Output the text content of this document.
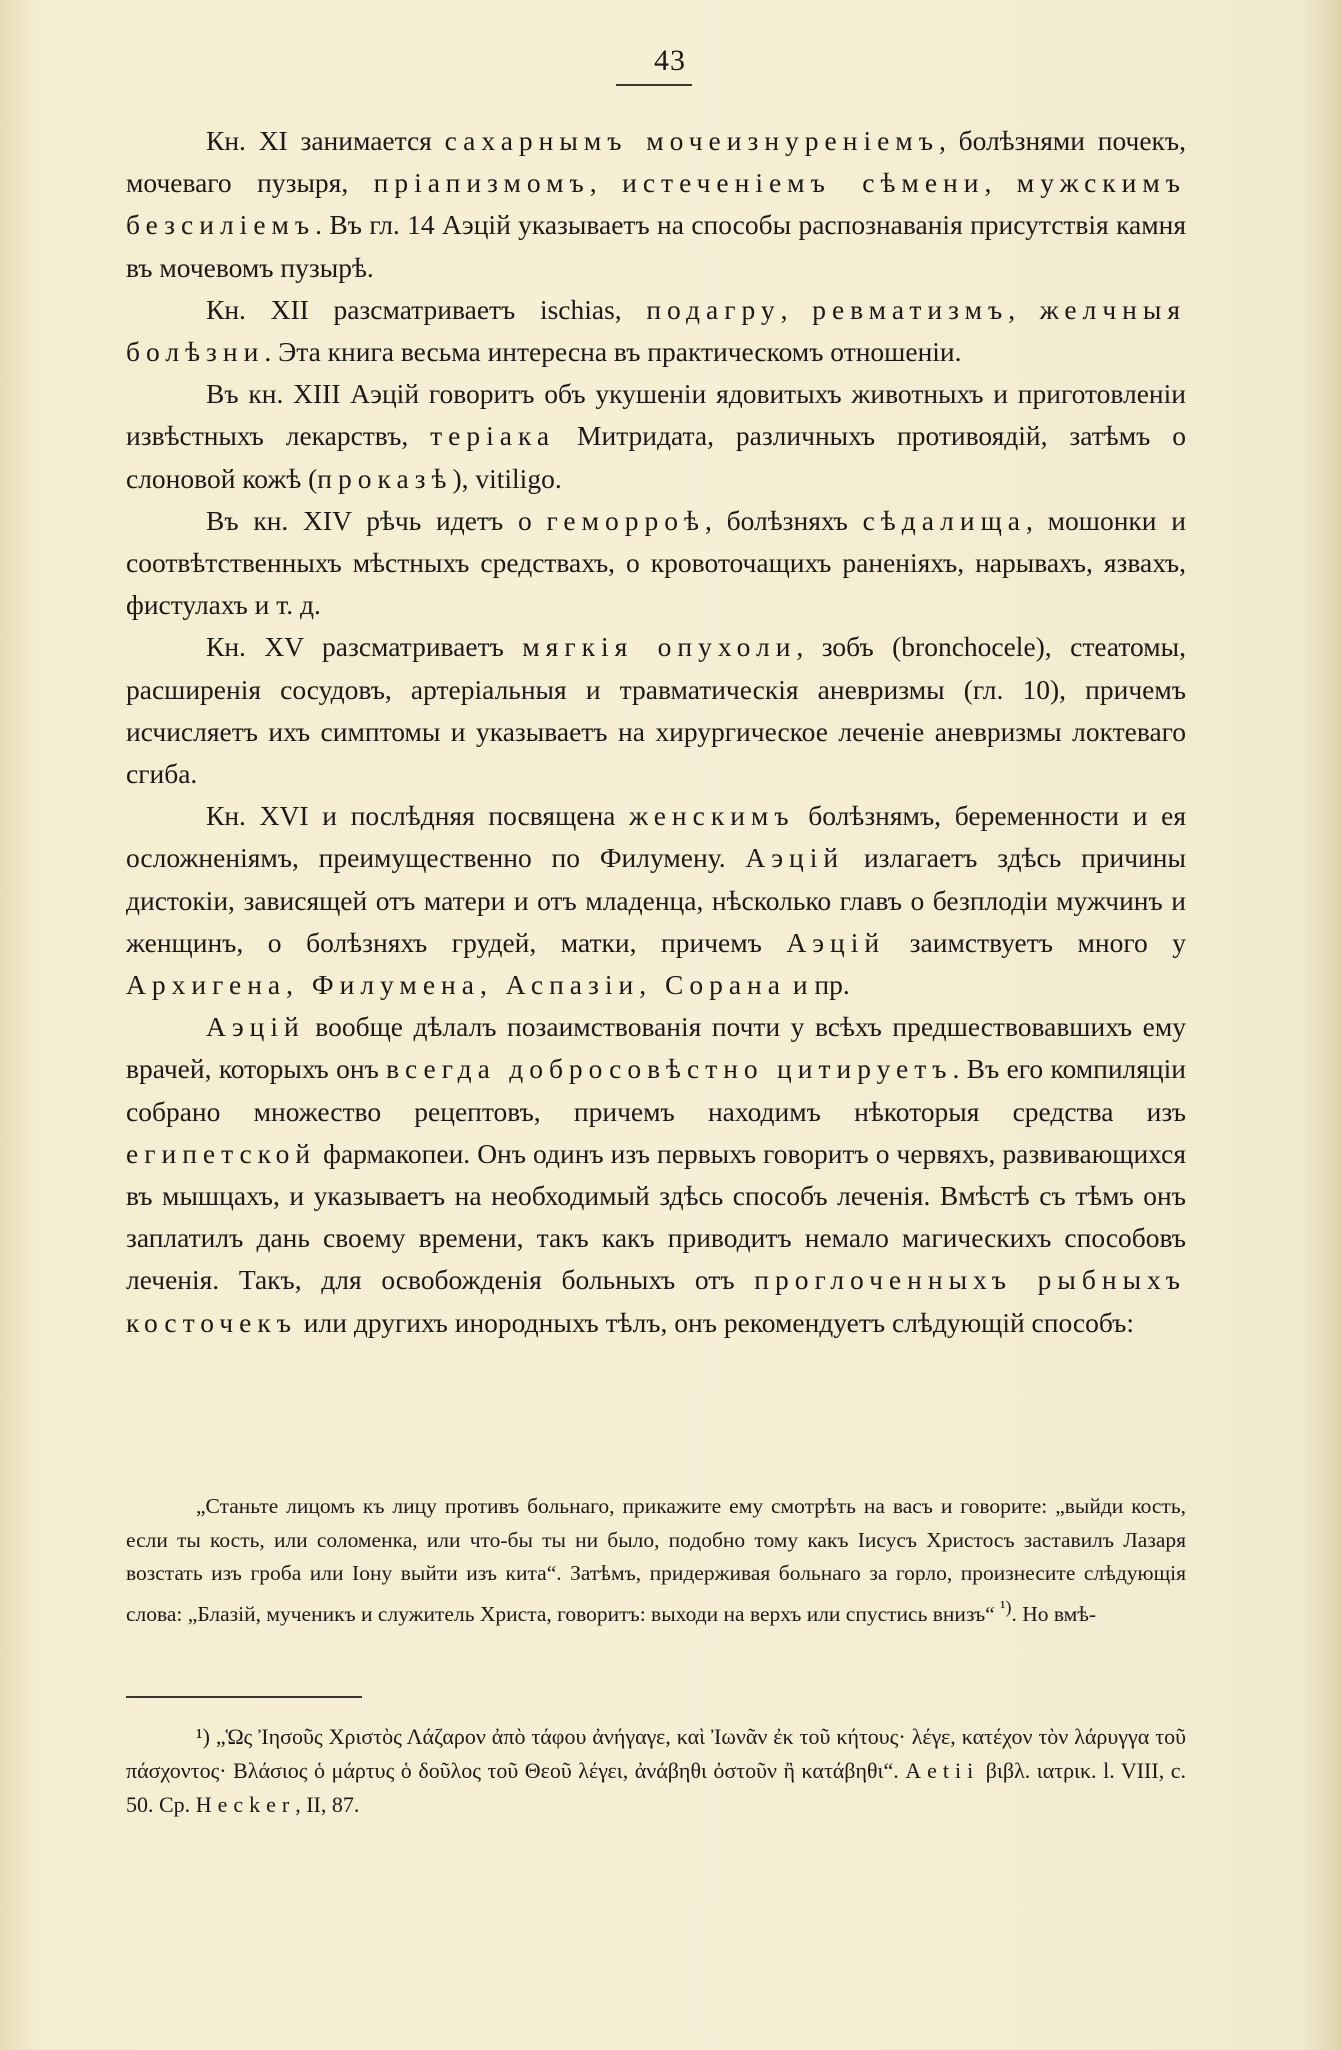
43

Кн. XI занимается сахарнымъ мочеизнуреніемъ, болѣзнями почекъ, мочеваго пузыря, пріапизмомъ, истеченіемъ сѣмени, мужскимъ безсиліемъ. Въ гл. 14 Аэцій указываетъ на способы распознаванія присутствія камня въ мочевомъ пузырѣ.

Кн. XII разсматриваетъ ischias, подагру, ревматизмъ, желчныя болѣзни. Эта книга весьма интересна въ практическомъ отношеніи.

Въ кн. XIII Аэцій говоритъ объ укушеніи ядовитыхъ животныхъ и приготовленіи извѣстныхъ лекарствъ, теріака Митридата, различныхъ противоядій, затѣмъ о слоновой кожѣ (проказѣ), vitiligo.

Въ кн. XIV рѣчь идетъ о геморроѣ, болѣзняхъ сѣдалища, мошонки и соотвѣтственныхъ мѣстныхъ средствахъ, о кровоточащихъ раненіяхъ, нарывахъ, язвахъ, фистулахъ и т. д.

Кн. XV разсматриваетъ мягкія опухоли, зобъ (bronchocele), стеатомы, расширенія сосудовъ, артеріальныя и травматическія аневризмы (гл. 10), причемъ исчисляетъ ихъ симптомы и указываетъ на хирургическое леченіе аневризмы локтеваго сгиба.

Кн. XVI и послѣдняя посвящена женскимъ болѣзнямъ, беременности и ея осложненіямъ, преимущественно по Филумену. Аэцій излагаетъ здѣсь причины дистокіи, зависящей отъ матери и отъ младенца, нѣсколько главъ о безплодіи мужчинъ и женщинъ, о болѣзняхъ грудей, матки, причемъ Аэцій заимствуетъ много у Архигена, Филумена, Аспазіи, Сорана и пр.

Аэцій вообще дѣлалъ позаимствованія почти у всѣхъ предшествовавшихъ ему врачей, которыхъ онъ всегда добросовѣстно цитируетъ. Въ его компиляціи собрано множество рецептовъ, причемъ находимъ нѣкоторыя средства изъ египетской фармакопеи. Онъ одинъ изъ первыхъ говоритъ о червяхъ, развивающихся въ мышцахъ, и указываетъ на необходимый здѣсь способъ леченія. Вмѣстѣ съ тѣмъ онъ заплатилъ дань своему времени, такъ какъ приводитъ немало магическихъ способовъ леченія. Такъ, для освобожденія больныхъ отъ проглоченныхъ рыбныхъ косточекъ или другихъ инородныхъ тѣлъ, онъ рекомендуетъ слѣдующій способъ:

„Станьте лицомъ къ лицу противъ больнаго, прикажите ему смотрѣть на васъ и говорите: „выйди кость, если ты кость, или соломенка, или что-бы ты ни было, подобно тому какъ Іисусъ Христосъ заставилъ Лазаря возстать изъ гроба или Іону выйти изъ кита“. Затѣмъ, придерживая больнаго за горло, произнесите слѣдующія слова: „Блазій, мученикъ и служитель Христа, говоритъ: выходи на верхъ или спустись внизъ“ $^{^1)}$. Но вмѣ-

¹) „Ὡς Ἰησοῦς Χριστὸς Λάζαρον ἀπὸ τάφου ἀνήγαγε, καὶ Ἰωνᾶν ἐκ τοῦ κήτους· λέγε, κατέχον τὸν λάρυγγα τοῦ πάσχοντος· Βλάσιος ὁ μάρτυς ὁ δοῦλος τοῦ Θεοῦ λέγει, ἀνάβηθι ὀστοῦν ἢ κατάβηθι“. Aetii βιβλ. ιατρικ. l. VIII, c. 50. Cp. Hecker, II, 87.
